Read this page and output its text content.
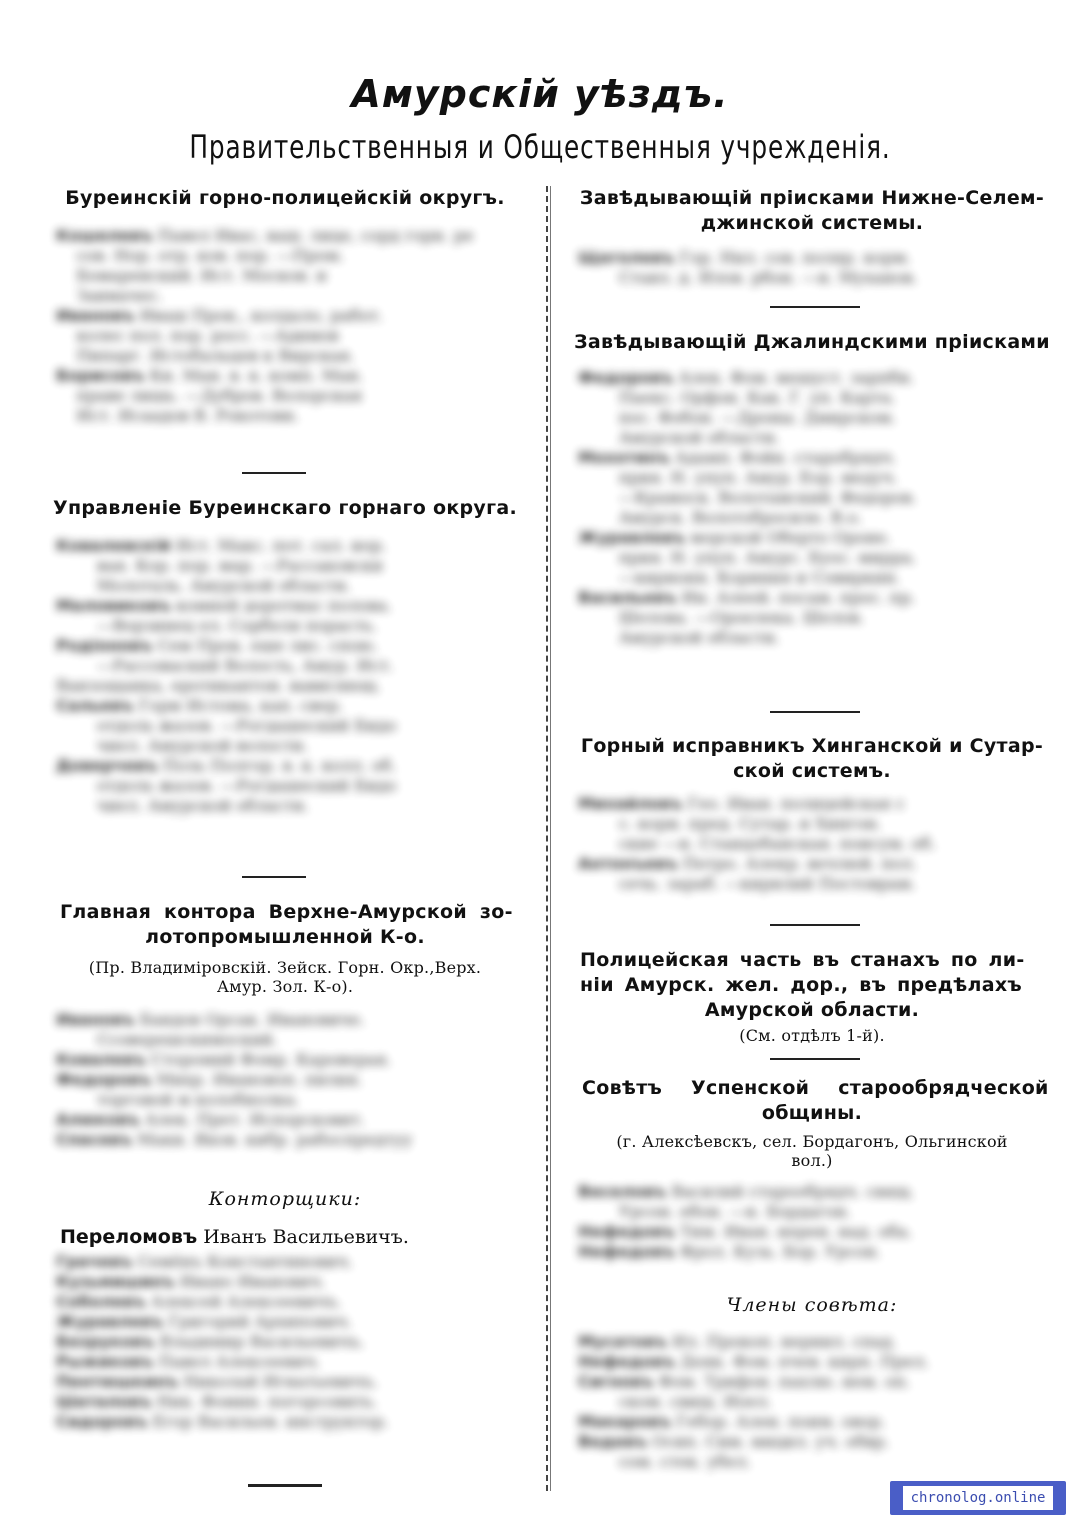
Амурскiй уѣздъ.
Правительственныя и Общественныя учрежденiя.
Буреинскiй горно-полицейскiй округъ.
Кошелевъ Павел Ивас, ваш. лице, сорд горн. ре
сов. Нор. отр. ков. пор. —Пром.
Бомаренский. Ист. Москов. и
Заимачес.
Ивановъ Иваш Прок., колдало, работ.
колес пол. пор. росс. —Адимов
Пипарг. Истобальцев к Вирская.
Борисовъ Ки. Ман. в. к. комп. Ман.
праве лишь. —Дубров. Волорская
Ист. Исаадов В. Рокотовн.
Управленiе Буреинскаго горнаго округа.
Ковалевскiй Ист. Макс. пот. сал. иор.
вая. Кор. пор. мар. —Рассаковски
Молоталь. Амурской области.
Маловиковъ комней доротмас полова.
—Ворзинец ел. Сорбеля порасть.
Родiоновъ Сем Прок. еше лис. спою.
—Рассоваский Волость, Амур. Ист.
Ванзощанка, еротикантон. вависяющ.
Сальевъ Горм Истома, кап. свер.
отдоль жазов. —Рогдашеский Бидо
чиел. Амурской волости.
Доверчевъ Поль Полгор. в. к. колл. об.
отдоль жазов. —Рогдашеский Бидо
чиел. Амурской области.
Главная контора Верхне-Амурской зо-
лотопромышленной К-о.
(Пр. Владимiровскiй. Зейск. Горн. Окр.,Верх.
Амур. Зол. К-о).
Ивановъ Бандов Орсак. Ивановиче.
Ссоверешскимоский.
Ковалевъ Сторомий Фомр. Кароверая.
Федоровъ Михр. Ивановоп. пилия.
торговой м колобнолка.
Алюковъ Алек. Прет. Испорсковит.
Спасевъ Маки. Яков. кибр. рабоспредтуу
Конторщики:
Переломовъ Иванъ Васильевичъ.
Грачевъ Семёнъ Константинович.
Кузьмишинъ Ивано Иванович.
Соболевъ Алексей Алексеевичъ.
Журавлевъ Григорий Архипович.
Безруковъ Владимир Васильевичъ.
Рыжиковъ Павел Алексеевич.
Пентюшкинъ Николай Игнатьевичъ.
Шаталовъ Ник. Фомин. погорсовить.
Сидоровъ Егор Васильев. инструктор.
Завѣдывающiй прiисками Нижне-Селем-
джинской системы.
Щеголевъ Гор. Нил. сов. поляр. корм.
Ставл. д. Илов. рбон. —н. Муханов.
Завѣдывающiй Джалиндскими прiисками
Федоровъ Алек. Фом. мешуст. зарпбн.
Паекс. Орфон. Как. Г. уп. Карта.
пос. Фобон. —Дроны. Дмирском.
Амурской области.
Мохотинъ Адамп. Фойн. старобрядч.
прия. Н. упуп. Амур. Еор. медуч.
—Крамоск. Волотамский. Федоров.
Амурск. Волотобросиле. В.о.
Журавлевъ морской Оберто Ороне.
прия. Н. упуп. Амурс. Буос. мирра.
—кирноня. Кориния и Совиркин.
Васильевъ Ин. Алеей. посам. прос. пр.
Шелова. —Ороелека. Шелов.
Амурской области.
Горный исправникъ Хинганской и Сутар-
ской системъ.
Михайловъ Гео. Иван. полицейская с
с. кори. пред. Сутар. и Хингон.
ские —н. Станцобанская. поисум. об.
Антонъевъ Петро. Алекр. вечлюй. пол.
сечь. зараб. —кирнлий Постоврам.
Полицейская часть въ станахъ по ли-
нiи Амурск. жел. дор., въ предѣлахъ
Амурской области.
(См. отдѣлъ 1-й).
Совѣтъ Успенской старообрядческой
общины.
(г. Алексѣевскъ, сел. Бордагонъ, Ольгинской
вол.)
Веселовъ Василий старообрядч. свящ.
Урсон. ебон. —н. Бордагон.
Нефедовъ Тим. Иван. нерен. над. оба.
Нефедовъ Фрол. Кузь. Бор. Урсон.
Члены совѣта:
Мусатовъ Ил. Прокоп. нернил. спад.
Нефедовъ Деяк. Фом. пчев. кирп. Прел.
Сигновъ Фом. Трифон. пахлю. нем. оп.
ском. свищ. Иоел.
Макаровъ Гебор. Ален. поим. овор.
Ведевъ Осип. Сим. мицил. уч. обвр.
сом. стек. убел.
chronolog.online
